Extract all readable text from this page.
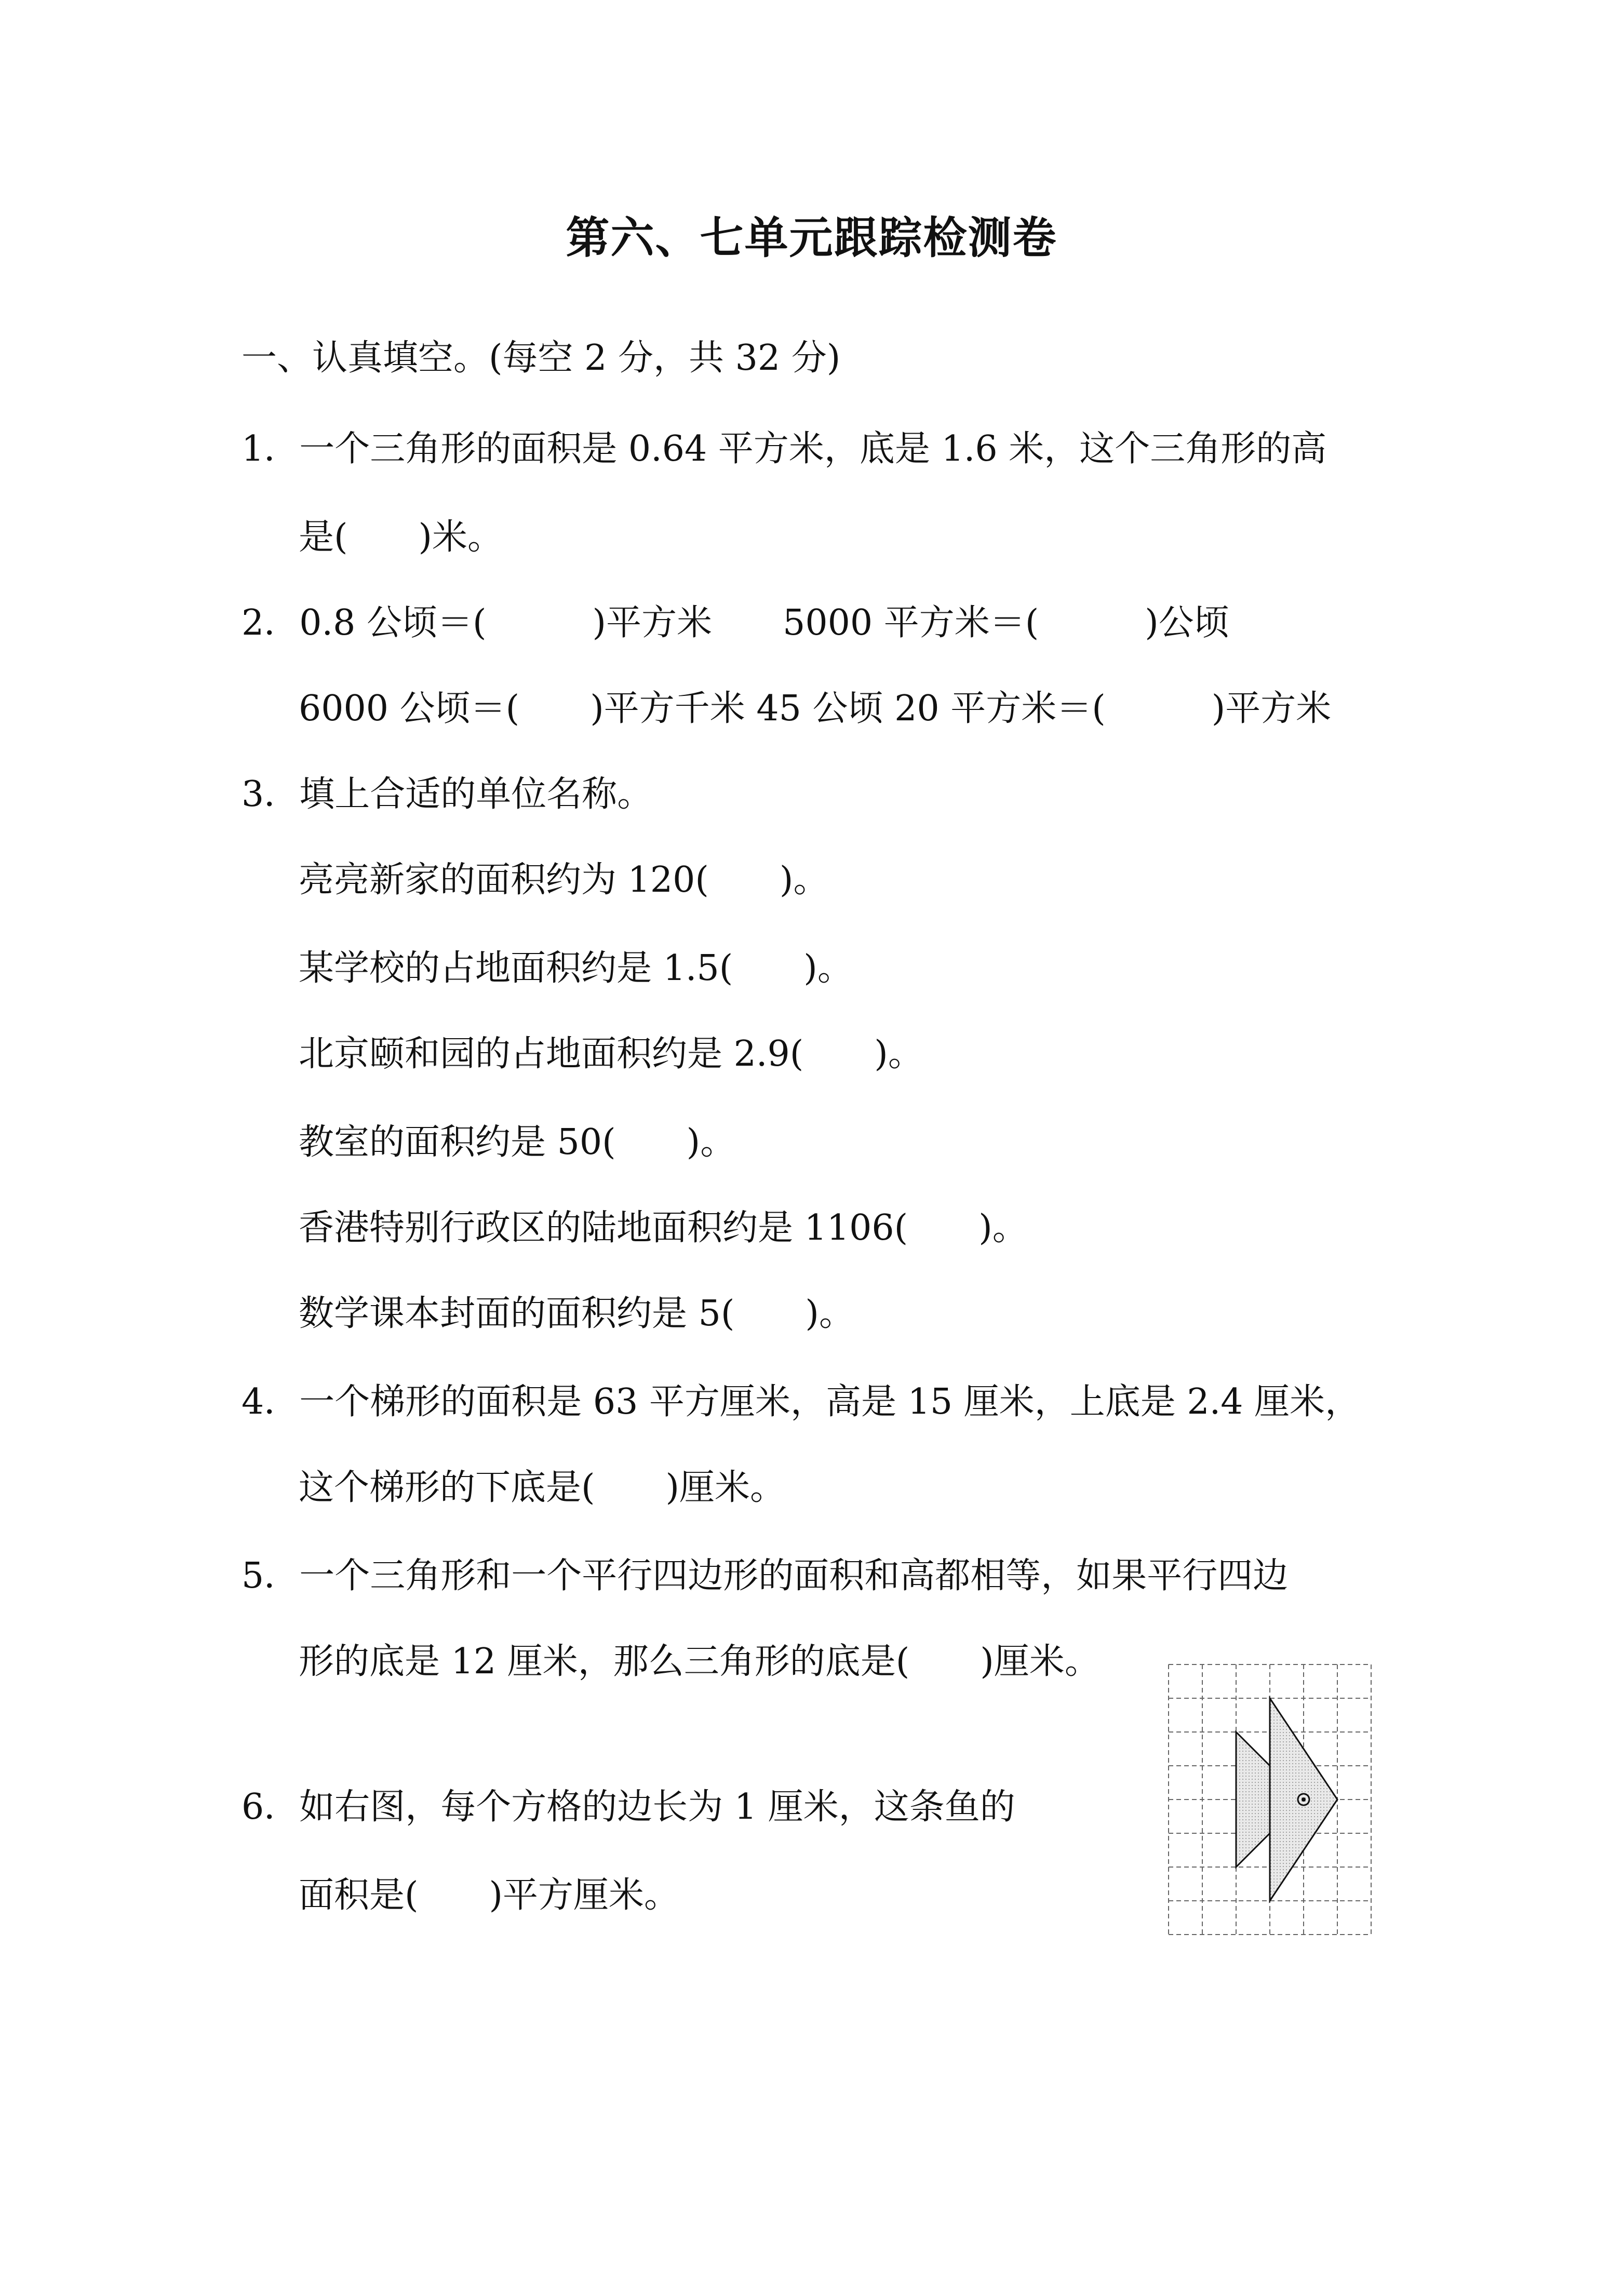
第六、七单元跟踪检测卷

一、认真填空。(每空 2 分，共 32 分)

1．一个三角形的面积是 0.64 平方米，底是 1.6 米，这个三角形的高

是(　　)米。

2．0.8 公顷＝(　　　)平方米　　5000 平方米＝(　　　)公顷

6000 公顷＝(　　)平方千米 45 公顷 20 平方米＝(　　　)平方米

3．填上合适的单位名称。

亮亮新家的面积约为 120(　　)。

某学校的占地面积约是 1.5(　　)。

北京颐和园的占地面积约是 2.9(　　)。

教室的面积约是 50(　　)。

香港特别行政区的陆地面积约是 1106(　　)。

数学课本封面的面积约是 5(　　)。

4．一个梯形的面积是 63 平方厘米，高是 15 厘米，上底是 2.4 厘米，

这个梯形的下底是(　　)厘米。

5．一个三角形和一个平行四边形的面积和高都相等，如果平行四边

形的底是 12 厘米，那么三角形的底是(　　)厘米。

6．如右图，每个方格的边长为 1 厘米，这条鱼的

面积是(　　)平方厘米。
